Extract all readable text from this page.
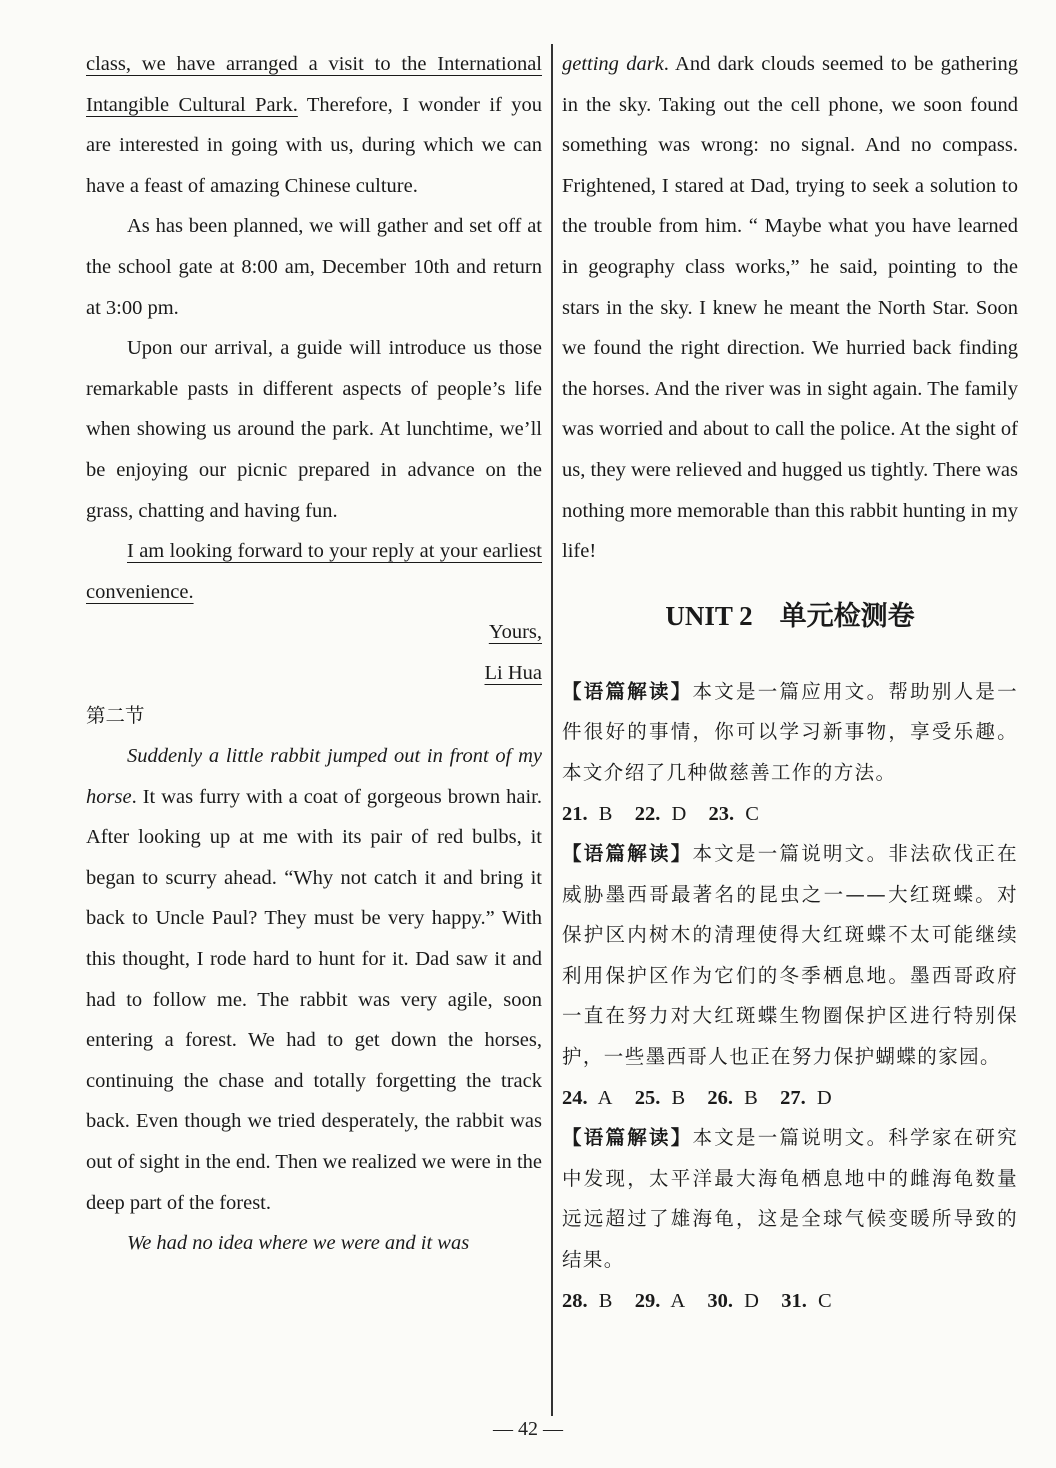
class, we have arranged a visit to the International Intangible Cultural Park. Therefore, I wonder if you are interested in going with us, during which we can have a feast of amazing Chinese culture.

As has been planned, we will gather and set off at the school gate at 8:00 am, December 10th and return at 3:00 pm.

Upon our arrival, a guide will introduce us those remarkable pasts in different aspects of people’s life when showing us around the park. At lunchtime, we’ll be enjoying our picnic prepared in advance on the grass, chatting and having fun.

I am looking forward to your reply at your earliest convenience.

Yours,

Li Hua

第二节

Suddenly a little rabbit jumped out in front of my horse. It was furry with a coat of gorgeous brown hair. After looking up at me with its pair of red bulbs, it began to scurry ahead. “Why not catch it and bring it back to Uncle Paul? They must be very happy.” With this thought, I rode hard to hunt for it. Dad saw it and had to follow me. The rabbit was very agile, soon entering a forest. We had to get down the horses, continuing the chase and totally forgetting the track back. Even though we tried desperately, the rabbit was out of sight in the end. Then we realized we were in the deep part of the forest.

We had no idea where we were and it was

getting dark. And dark clouds seemed to be gathering in the sky. Taking out the cell phone, we soon found something was wrong: no signal. And no compass. Frightened, I stared at Dad, trying to seek a solution to the trouble from him. “ Maybe what you have learned in geography class works,” he said, pointing to the stars in the sky. I knew he meant the North Star. Soon we found the right direction. We hurried back finding the horses. And the river was in sight again. The family was worried and about to call the police. At the sight of us, they were relieved and hugged us tightly. There was nothing more memorable than this rabbit hunting in my life!

UNIT 2　单元检测卷

【语篇解读】本文是一篇应用文。帮助别人是一件很好的事情，你可以学习新事物，享受乐趣。本文介绍了几种做慈善工作的方法。

21. B 22. D 23. C

【语篇解读】本文是一篇说明文。非法砍伐正在威胁墨西哥最著名的昆虫之一——大红斑蝶。对保护区内树木的清理使得大红斑蝶不太可能继续利用保护区作为它们的冬季栖息地。墨西哥政府一直在努力对大红斑蝶生物圈保护区进行特别保护，一些墨西哥人也正在努力保护蝴蝶的家园。

24. A 25. B 26. B 27. D

【语篇解读】本文是一篇说明文。科学家在研究中发现，太平洋最大海龟栖息地中的雌海龟数量远远超过了雄海龟，这是全球气候变暖所导致的结果。

28. B 29. A 30. D 31. C

— 42 —
